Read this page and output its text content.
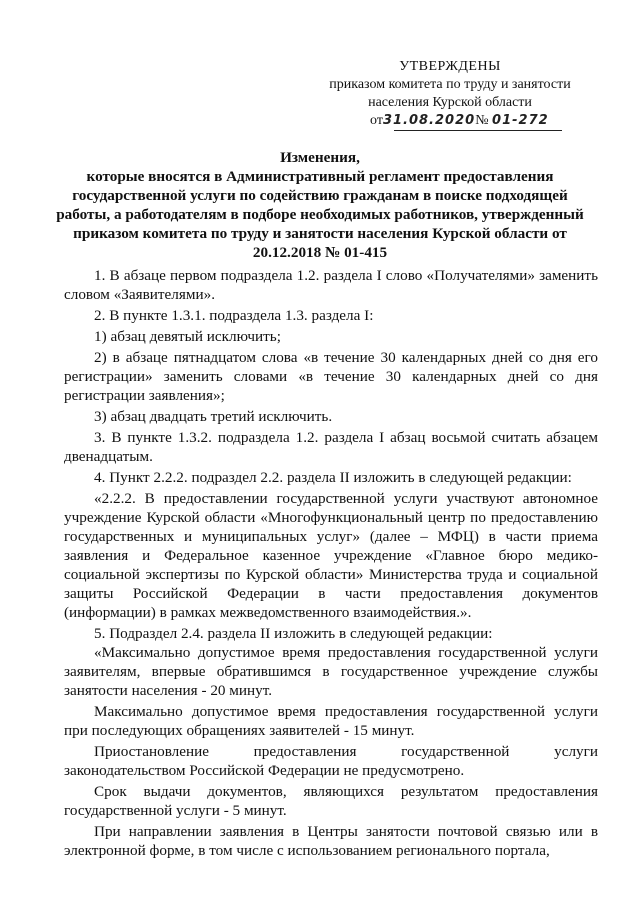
УТВЕРЖДЕНЫ
приказом комитета по труду и занятости
населения Курской области
от31.08.2020№ 01-272
Изменения,
которые вносятся в Административный регламент предоставления
государственной услуги по содействию гражданам в поиске подходящей
работы, а работодателям в подборе необходимых работников, утвержденный
приказом комитета по труду и занятости населения Курской области от
20.12.2018 № 01-415

1. В абзаце первом подраздела 1.2. раздела I слово «Получателями» заменить словом «Заявителями».

2. В пункте 1.3.1. подраздела 1.3. раздела I:

1) абзац девятый исключить;

2) в абзаце пятнадцатом слова «в течение 30 календарных дней со дня его регистрации» заменить словами «в течение 30 календарных дней со дня регистрации заявления»;

3) абзац двадцать третий исключить.

3. В пункте 1.3.2. подраздела 1.2. раздела I абзац восьмой считать абзацем двенадцатым.

4. Пункт 2.2.2. подраздел 2.2. раздела II изложить в следующей редакции:

«2.2.2. В предоставлении государственной услуги участвуют автономное учреждение Курской области «Многофункциональный центр по предоставлению государственных и муниципальных услуг» (далее – МФЦ) в части приема заявления и Федеральное казенное учреждение «Главное бюро медико-социальной экспертизы по Курской области» Министерства труда и социальной защиты Российской Федерации в части предоставления документов (информации) в рамках межведомственного взаимодействия.».

5. Подраздел 2.4. раздела II изложить в следующей редакции:

«Максимально допустимое время предоставления государственной услуги заявителям, впервые обратившимся в государственное учреждение службы занятости населения - 20 минут.

Максимально допустимое время предоставления государственной услуги при последующих обращениях заявителей - 15 минут.

Приостановление предоставления государственной услуги законодательством Российской Федерации не предусмотрено.

Срок выдачи документов, являющихся результатом предоставления государственной услуги - 5 минут.

При направлении заявления в Центры занятости почтовой связью или в электронной форме, в том числе с использованием регионального портала,
